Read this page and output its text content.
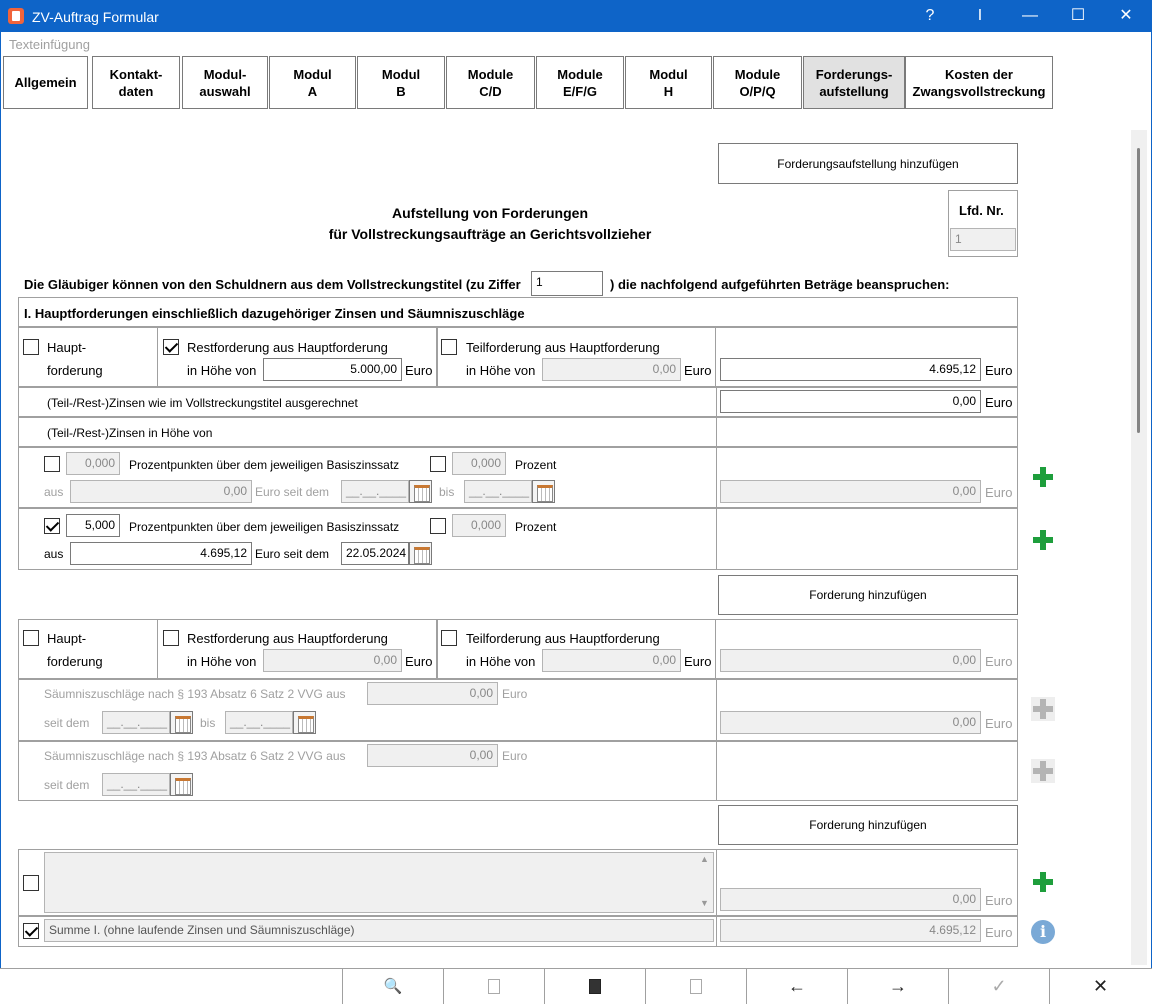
ZV-Auftrag Formular	?	I	—	☐	✕
Texteinfügung
Allgemein
Kontakt-
daten
Modul-
auswahl
Modul
A
Modul
B
Module
C/D
Module
E/F/G
Modul
H
Module
O/P/Q
Forderungs-
aufstellung
Kosten der
Zwangsvollstreckung
Forderungsaufstellung hinzufügen
Aufstellung von Forderungen
für Vollstreckungsaufträge an Gerichtsvollzieher
Lfd. Nr.
1
Die Gläubiger können von den Schuldnern aus dem Vollstreckungstitel (zu Ziffer	1	) die nachfolgend aufgeführten Beträge beanspruchen:
I. Hauptforderungen einschließlich dazugehöriger Zinsen und Säumniszuschläge
Haupt-
forderung
Restforderung aus Hauptforderung
in Höhe von	5.000,00 Euro
Teilforderung aus Hauptforderung
in Höhe von	0,00 Euro	4.695,12 Euro
(Teil-/Rest-)Zinsen wie im Vollstreckungstitel ausgerechnet	0,00 Euro
(Teil-/Rest-)Zinsen in Höhe von
0,000	Prozentpunkten über dem jeweiligen Basiszinssatz	0,000	Prozent
aus	0,00 Euro seit dem	__.__.____	bis	__.__.____	0,00 Euro
5,000	Prozentpunkten über dem jeweiligen Basiszinssatz	0,000	Prozent
aus	4.695,12 Euro seit dem	22.05.2024
Forderung hinzufügen
Haupt-
forderung
Restforderung aus Hauptforderung
in Höhe von	0,00 Euro
Teilforderung aus Hauptforderung
in Höhe von	0,00 Euro	0,00 Euro
Säumniszuschläge nach § 193 Absatz 6 Satz 2 VVG aus	0,00 Euro
seit dem	__.__.____	bis	__.__.____	0,00 Euro
Säumniszuschläge nach § 193 Absatz 6 Satz 2 VVG aus	0,00 Euro
seit dem	__.__.____
Forderung hinzufügen
▲
▼	0,00 Euro
Summe I. (ohne laufende Zinsen und Säumniszuschläge)	4.695,12 Euro	i
🔍	←	→	✓	✕
